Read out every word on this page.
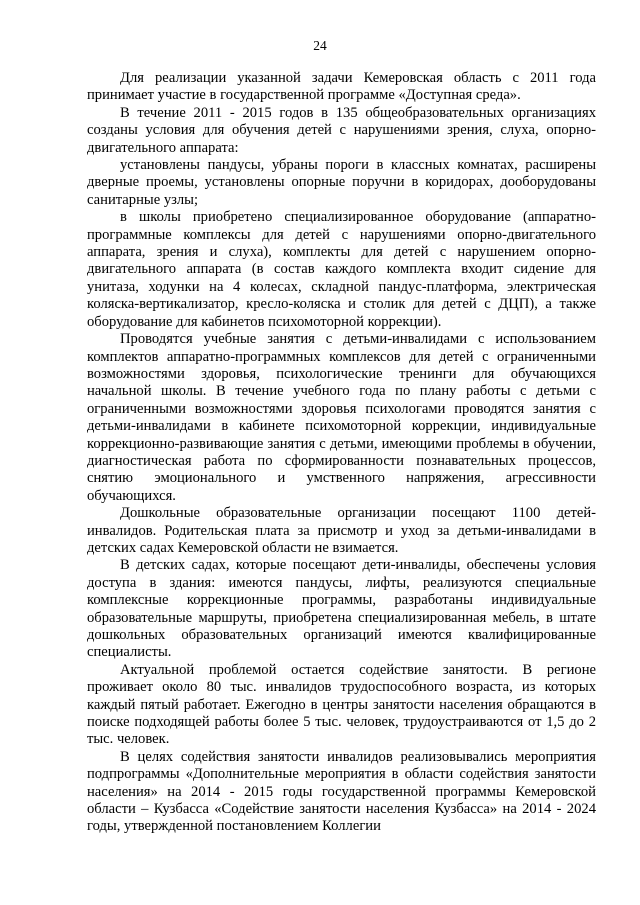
24

Для реализации указанной задачи Кемеровская область с 2011 года принимает участие в государственной программе «Доступная среда».

В течение 2011 - 2015 годов в 135 общеобразовательных организациях созданы условия для обучения детей с нарушениями зрения, слуха, опорно-двигательного аппарата:

установлены пандусы, убраны пороги в классных комнатах, расширены дверные проемы, установлены опорные поручни в коридорах, дооборудованы санитарные узлы;

в школы приобретено специализированное оборудование (аппаратно-программные комплексы для детей с нарушениями опорно-двигательного аппарата, зрения и слуха), комплекты для детей с нарушением опорно-двигательного аппарата (в состав каждого комплекта входит сидение для унитаза, ходунки на 4 колесах, складной пандус-платформа, электрическая коляска-вертикализатор, кресло-коляска и столик для детей с ДЦП), а также оборудование для кабинетов психомоторной коррекции).

Проводятся учебные занятия с детьми-инвалидами с использованием комплектов аппаратно-программных комплексов для детей с ограниченными возможностями здоровья, психологические тренинги для обучающихся начальной школы. В течение учебного года по плану работы с детьми с ограниченными возможностями здоровья психологами проводятся занятия с детьми-инвалидами в кабинете психомоторной коррекции, индивидуальные коррекционно-развивающие занятия с детьми, имеющими проблемы в обучении, диагностическая работа по сформированности познавательных процессов, снятию эмоционального и умственного напряжения, агрессивности обучающихся.

Дошкольные образовательные организации посещают 1100 детей-инвалидов. Родительская плата за присмотр и уход за детьми-инвалидами в детских садах Кемеровской области не взимается.

В детских садах, которые посещают дети-инвалиды, обеспечены условия доступа в здания: имеются пандусы, лифты, реализуются специальные комплексные коррекционные программы, разработаны индивидуальные образовательные маршруты, приобретена специализированная мебель, в штате дошкольных образовательных организаций имеются квалифицированные специалисты.

Актуальной проблемой остается содействие занятости. В регионе проживает около 80 тыс. инвалидов трудоспособного возраста, из которых каждый пятый работает. Ежегодно в центры занятости населения обращаются в поиске подходящей работы более 5 тыс. человек, трудоустраиваются от 1,5 до 2 тыс. человек.

В целях содействия занятости инвалидов реализовывались мероприятия подпрограммы «Дополнительные мероприятия в области содействия занятости населения» на 2014 - 2015 годы государственной программы Кемеровской области – Кузбасса «Содействие занятости населения Кузбасса» на 2014 - 2024 годы, утвержденной постановлением Коллегии
